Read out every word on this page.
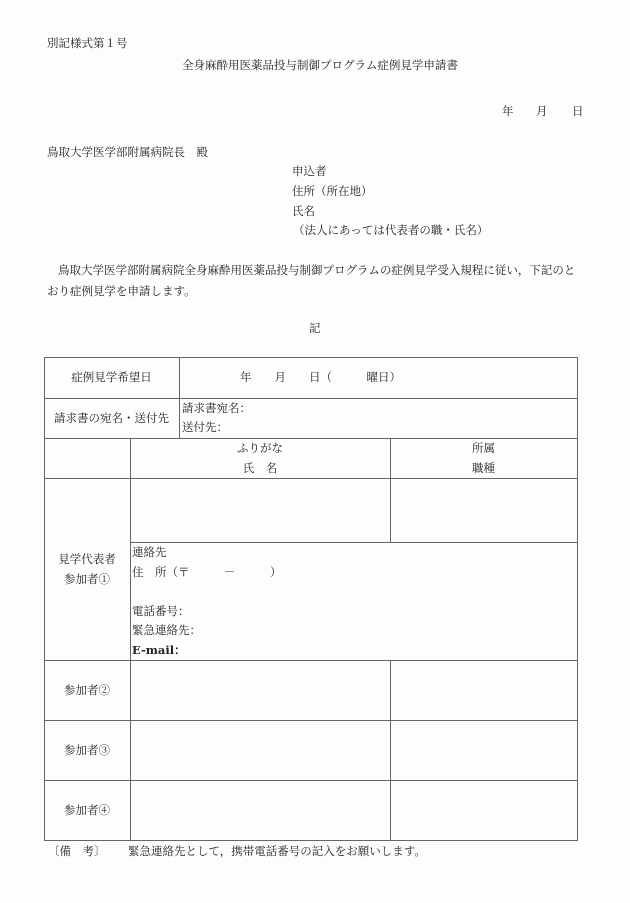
別記様式第１号
全身麻酔用医薬品投与制御プログラム症例見学申請書
年 月 日
鳥取大学医学部附属病院長　殿
申込者
住所（所在地）
氏名
（法人にあっては代表者の職・氏名）
鳥取大学医学部附属病院全身麻酔用医薬品投与制御プログラムの症例見学受入規程に従い，下記のと
おり症例見学を申請します。
記
症例見学希望日	年　　月　　日（　　　曜日）
請求書の宛名・送付先
請求書宛名：
送付先：
ふりがな
氏　名
所属
職種
見学代表者
参加者①
連絡先
住　所（〒　　　－　　　）
電話番号：
緊急連絡先：
E-mail：
参加者②
参加者③
参加者④
〔備　考〕 緊急連絡先として，携帯電話番号の記入をお願いします。
